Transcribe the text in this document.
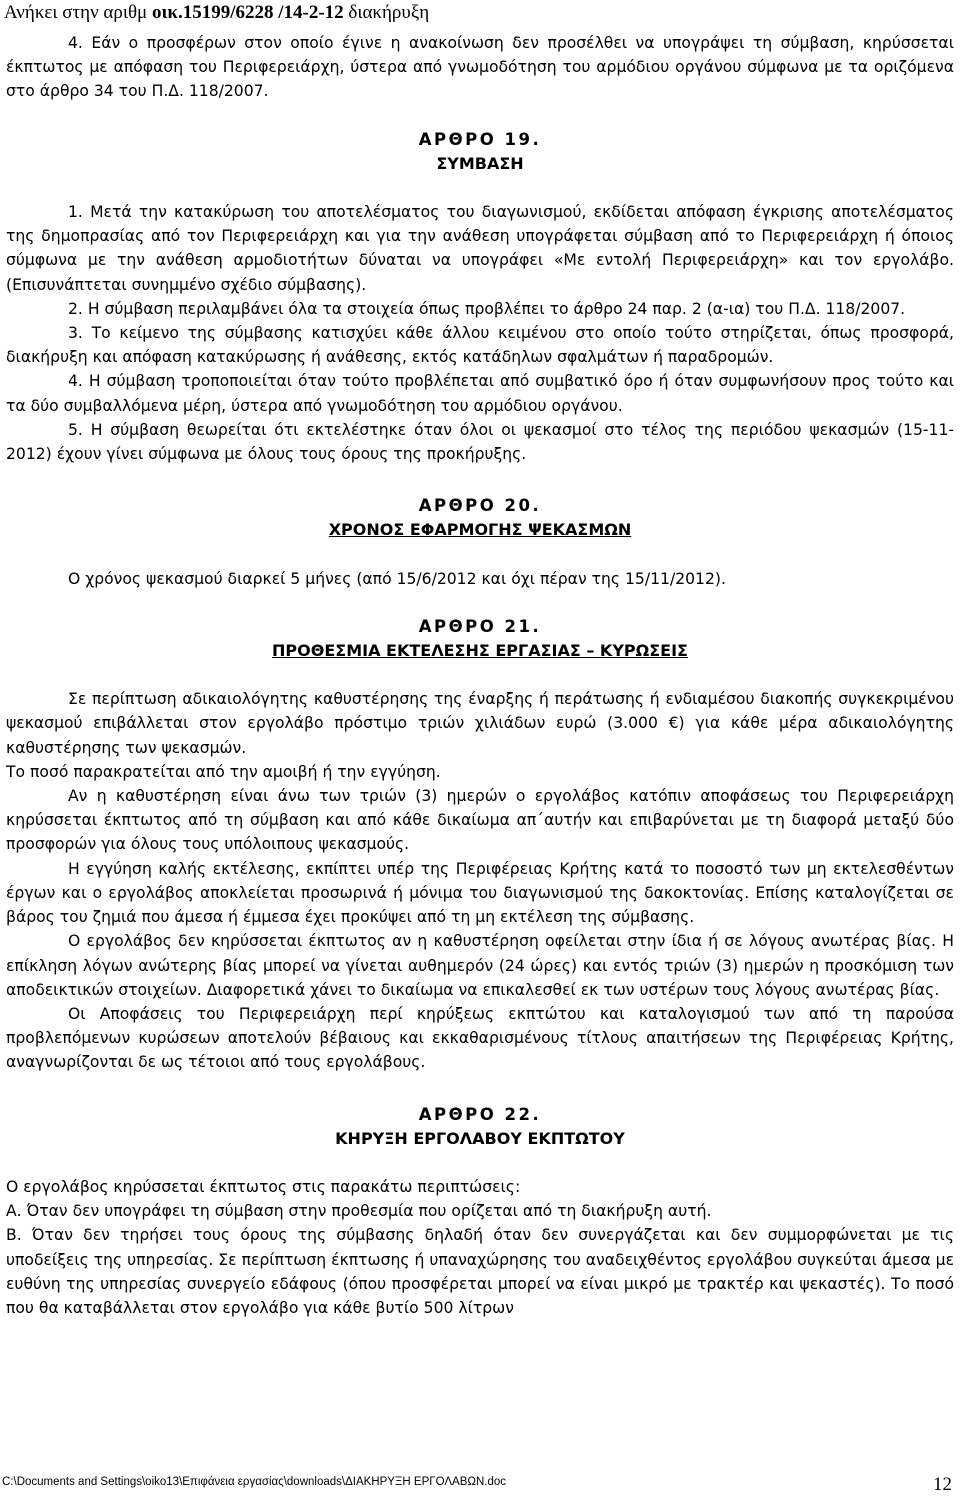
Ανήκει στην αριθμ οικ.15199/6228 /14-2-12 διακήρυξη

4. Εάν ο προσφέρων στον οποίο έγινε η ανακοίνωση δεν προσέλθει να υπογράψει τη σύμβαση, κηρύσσεται έκπτωτος με απόφαση του Περιφερειάρχη, ύστερα από γνωμοδότηση του αρμόδιου οργάνου σύμφωνα με τα οριζόμενα στο άρθρο 34 του Π.Δ. 118/2007.

ΑΡΘΡΟ 19.

ΣΥΜΒΑΣΗ

1. Μετά την κατακύρωση του αποτελέσματος του διαγωνισμού, εκδίδεται απόφαση έγκρισης αποτελέσματος της δημοπρασίας από τον Περιφερειάρχη και για την ανάθεση υπογράφεται σύμβαση από το Περιφερειάρχη ή όποιος σύμφωνα με την ανάθεση αρμοδιοτήτων δύναται να υπογράφει «Με εντολή Περιφερειάρχη» και τον εργολάβο. (Επισυνάπτεται συνημμένο σχέδιο σύμβασης).

2. Η σύμβαση περιλαμβάνει όλα τα στοιχεία όπως προβλέπει το άρθρο 24 παρ. 2 (α-ια) του Π.Δ. 118/2007.

3. Το κείμενο της σύμβασης κατισχύει κάθε άλλου κειμένου στο οποίο τούτο στηρίζεται, όπως προσφορά, διακήρυξη και απόφαση κατακύρωσης ή ανάθεσης, εκτός κατάδηλων σφαλμάτων ή παραδρομών.

4. Η σύμβαση τροποποιείται όταν τούτο προβλέπεται από συμβατικό όρο ή όταν συμφωνήσουν προς τούτο και τα δύο συμβαλλόμενα μέρη, ύστερα από γνωμοδότηση του αρμόδιου οργάνου.

5. Η σύμβαση θεωρείται ότι εκτελέστηκε όταν όλοι οι ψεκασμοί στο τέλος της περιόδου ψεκασμών (15-11-2012) έχουν γίνει σύμφωνα με όλους τους όρους της προκήρυξης.

ΑΡΘΡΟ 20.

ΧΡΟΝΟΣ ΕΦΑΡΜΟΓΗΣ ΨΕΚΑΣΜΩΝ

Ο χρόνος ψεκασμού διαρκεί 5 μήνες (από 15/6/2012 και όχι πέραν της 15/11/2012).

ΑΡΘΡΟ 21.

ΠΡΟΘΕΣΜΙΑ ΕΚΤΕΛΕΣΗΣ ΕΡΓΑΣΙΑΣ – ΚΥΡΩΣΕΙΣ

Σε περίπτωση αδικαιολόγητης καθυστέρησης της έναρξης ή περάτωσης ή ενδιαμέσου διακοπής συγκεκριμένου ψεκασμού επιβάλλεται στον εργολάβο πρόστιμο τριών χιλιάδων ευρώ (3.000 €) για κάθε μέρα αδικαιολόγητης καθυστέρησης των ψεκασμών.

Το ποσό παρακρατείται από την αμοιβή ή την εγγύηση.

Αν η καθυστέρηση είναι άνω των τριών (3) ημερών ο εργολάβος κατόπιν αποφάσεως του Περιφερειάρχη κηρύσσεται έκπτωτος από τη σύμβαση και από κάθε δικαίωμα απ΄αυτήν και επιβαρύνεται με τη διαφορά μεταξύ δύο προσφορών για όλους τους υπόλοιπους ψεκασμούς.

Η εγγύηση καλής εκτέλεσης, εκπίπτει υπέρ της Περιφέρειας Κρήτης κατά το ποσοστό των μη εκτελεσθέντων έργων και ο εργολάβος αποκλείεται προσωρινά ή μόνιμα του διαγωνισμού της δακοκτονίας. Επίσης καταλογίζεται σε βάρος του ζημιά που άμεσα ή έμμεσα έχει προκύψει από τη μη εκτέλεση της σύμβασης.

Ο εργολάβος δεν κηρύσσεται έκπτωτος αν η καθυστέρηση οφείλεται στην ίδια ή σε λόγους ανωτέρας βίας. Η επίκληση λόγων ανώτερης βίας μπορεί να γίνεται αυθημερόν (24 ώρες) και εντός τριών (3) ημερών η προσκόμιση των αποδεικτικών στοιχείων. Διαφορετικά χάνει το δικαίωμα να επικαλεσθεί εκ των υστέρων τους λόγους ανωτέρας βίας.

Οι Αποφάσεις του Περιφερειάρχη περί κηρύξεως εκπτώτου και καταλογισμού των από τη παρούσα προβλεπόμενων κυρώσεων αποτελούν βέβαιους και εκκαθαρισμένους τίτλους απαιτήσεων της Περιφέρειας Κρήτης, αναγνωρίζονται δε ως τέτοιοι από τους εργολάβους.

ΑΡΘΡΟ 22.

ΚΗΡΥΞΗ ΕΡΓΟΛΑΒΟΥ ΕΚΠΤΩΤΟΥ

Ο εργολάβος κηρύσσεται έκπτωτος στις παρακάτω περιπτώσεις:

Α. Όταν δεν υπογράφει τη σύμβαση στην προθεσμία που ορίζεται από τη διακήρυξη αυτή.

Β. Όταν δεν τηρήσει τους όρους της σύμβασης δηλαδή όταν δεν συνεργάζεται και δεν συμμορφώνεται με τις υποδείξεις της υπηρεσίας. Σε περίπτωση έκπτωσης ή υπαναχώρησης του αναδειχθέντος εργολάβου συγκεύται άμεσα με ευθύνη της υπηρεσίας συνεργείο εδάφους (όπου προσφέρεται μπορεί να είναι μικρό με τρακτέρ και ψεκαστές). Το ποσό που θα καταβάλλεται στον εργολάβο για κάθε βυτίο 500 λίτρων

C:\Documents and Settings\oiko13\Επιφάνεια εργασίας\downloads\ΔΙΑΚΗΡΥΞΗ ΕΡΓΟΛΑΒΩΝ.doc	12
